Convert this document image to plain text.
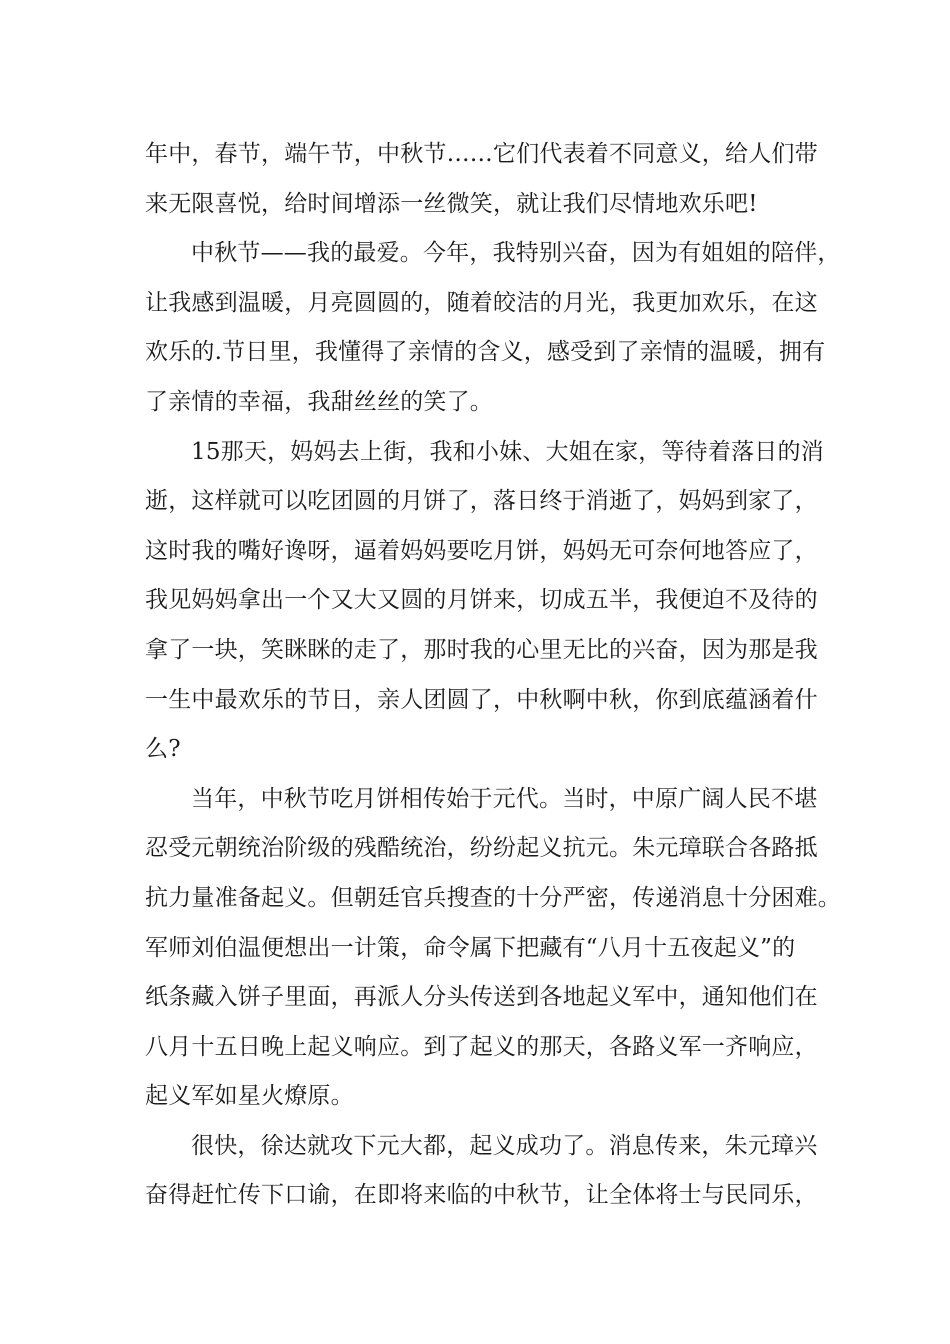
年中，春节，端午节，中秋节……它们代表着不同意义，给人们带
来无限喜悦，给时间增添一丝微笑，就让我们尽情地欢乐吧!
中秋节——我的最爱。今年，我特别兴奋，因为有姐姐的陪伴，
让我感到温暖，月亮圆圆的，随着皎洁的月光，我更加欢乐，在这
欢乐的.节日里，我懂得了亲情的含义，感受到了亲情的温暖，拥有
了亲情的幸福，我甜丝丝的笑了。
15那天，妈妈去上街，我和小妹、大姐在家，等待着落日的消
逝，这样就可以吃团圆的月饼了，落日终于消逝了，妈妈到家了，
这时我的嘴好谗呀，逼着妈妈要吃月饼，妈妈无可奈何地答应了，
我见妈妈拿出一个又大又圆的月饼来，切成五半，我便迫不及待的
拿了一块，笑眯眯的走了，那时我的心里无比的兴奋，因为那是我
一生中最欢乐的节日，亲人团圆了，中秋啊中秋，你到底蕴涵着什
么?
当年，中秋节吃月饼相传始于元代。当时，中原广阔人民不堪
忍受元朝统治阶级的残酷统治，纷纷起义抗元。朱元璋联合各路抵
抗力量准备起义。但朝廷官兵搜查的十分严密，传递消息十分困难。
军师刘伯温便想出一计策，命令属下把藏有“八月十五夜起义”的
纸条藏入饼子里面，再派人分头传送到各地起义军中，通知他们在
八月十五日晚上起义响应。到了起义的那天，各路义军一齐响应，
起义军如星火燎原。
很快，徐达就攻下元大都，起义成功了。消息传来，朱元璋兴
奋得赶忙传下口谕，在即将来临的中秋节，让全体将士与民同乐，
